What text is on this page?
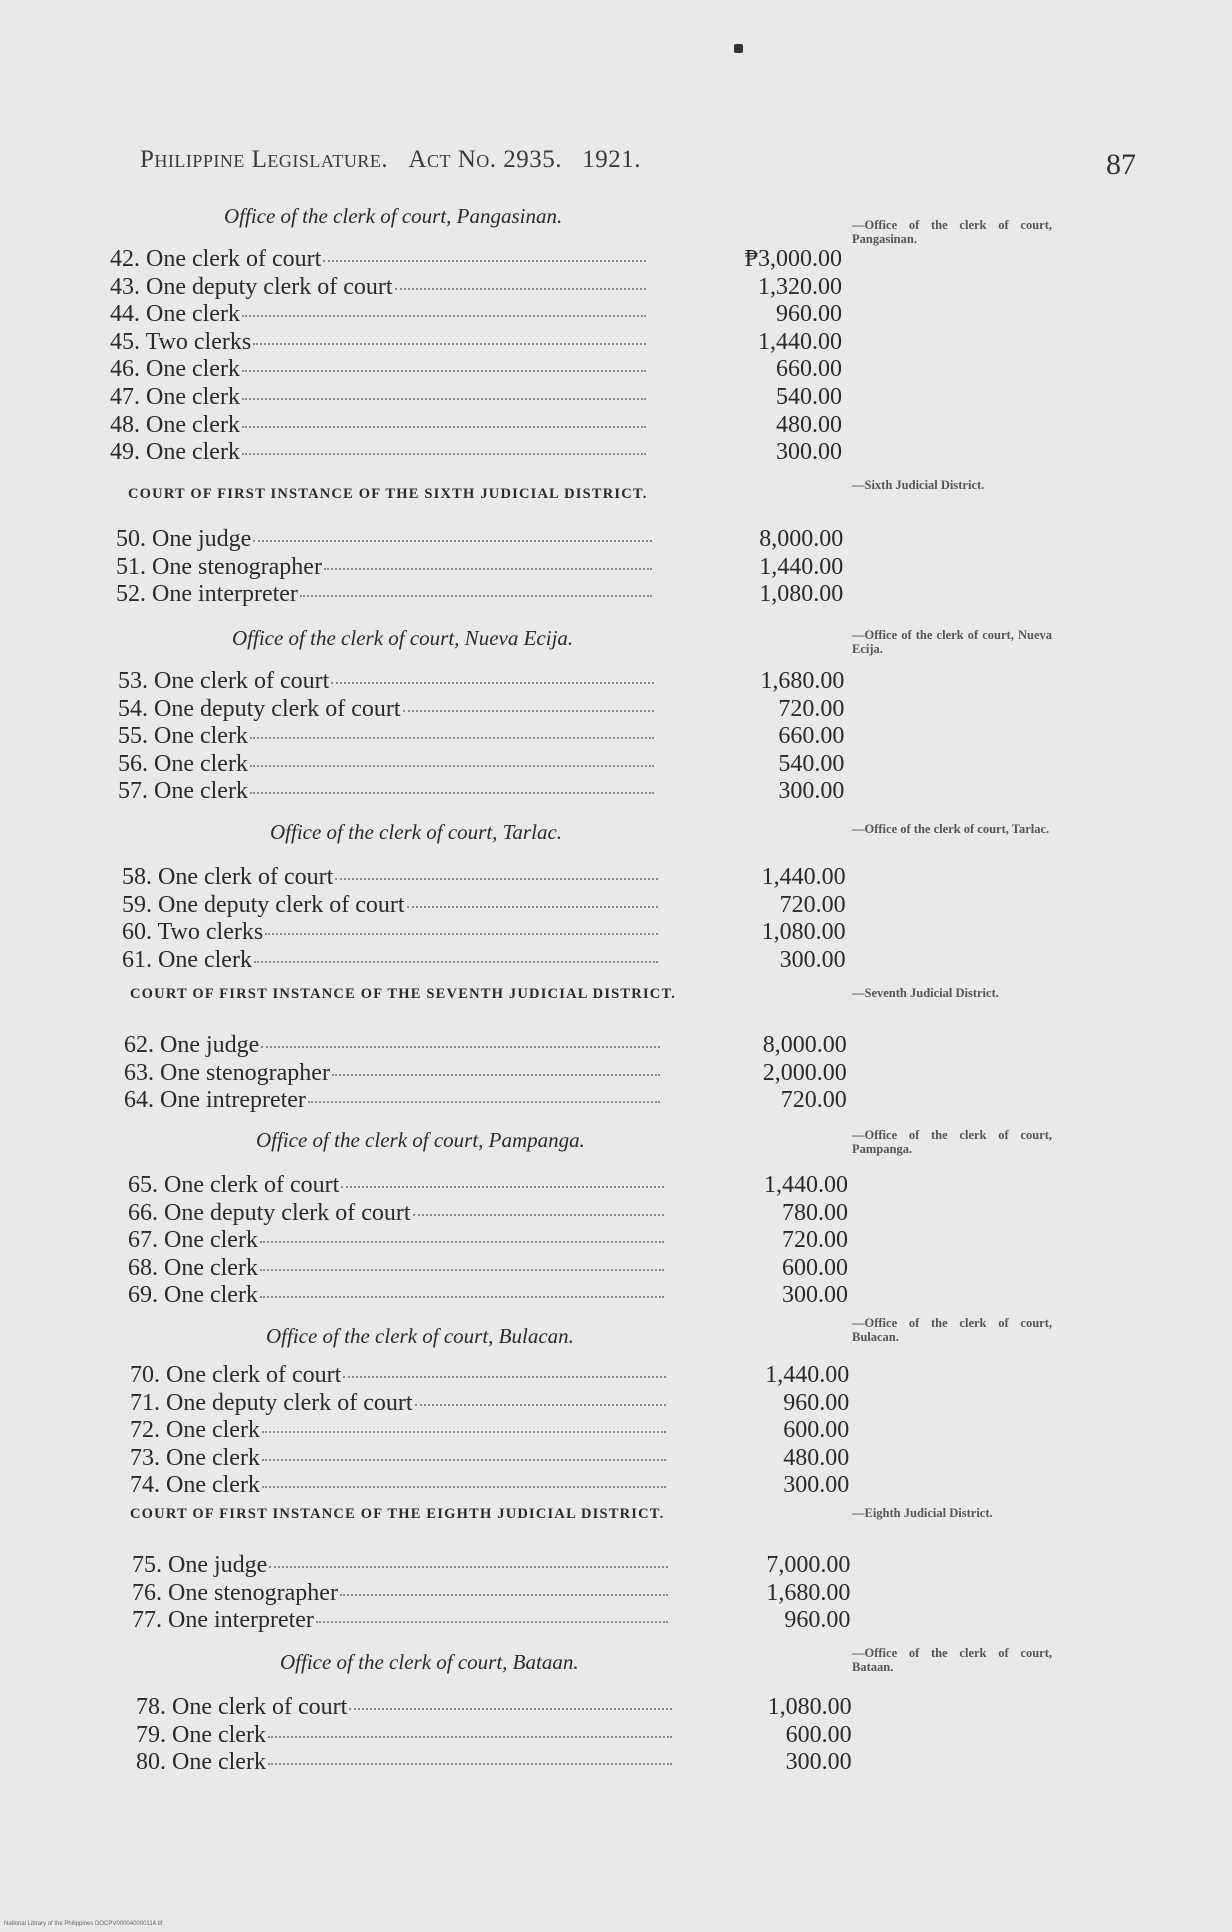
Philippine Legislature. Act No. 2935. 1921.	87
Office of the clerk of court, Pangasinan.	—Office of the clerk of court, Pangasinan.
42. One clerk of court	₱3,000.00
43. One deputy clerk of court	1,320.00
44. One clerk	960.00
45. Two clerks	1,440.00
46. One clerk	660.00
47. One clerk	540.00
48. One clerk	480.00
49. One clerk	300.00
COURT OF FIRST INSTANCE OF THE SIXTH JUDICIAL DISTRICT.
—Sixth Judicial District.
50. One judge	8,000.00
51. One stenographer	1,440.00
52. One interpreter	1,080.00
Office of the clerk of court, Nueva Ecija.	—Office of the clerk of court, Nueva Ecija.
53. One clerk of court	1,680.00
54. One deputy clerk of court	720.00
55. One clerk	660.00
56. One clerk	540.00
57. One clerk	300.00
Office of the clerk of court, Tarlac.	—Office of the clerk of court, Tarlac.
58. One clerk of court	1,440.00
59. One deputy clerk of court	720.00
60. Two clerks	1,080.00
61. One clerk	300.00
COURT OF FIRST INSTANCE OF THE SEVENTH JUDICIAL DISTRICT.	—Seventh Judicial District.
62. One judge	8,000.00
63. One stenographer	2,000.00
64. One intrepreter	720.00
Office of the clerk of court, Pampanga.	—Office of the clerk of court, Pampanga.
65. One clerk of court	1,440.00
66. One deputy clerk of court	780.00
67. One clerk	720.00
68. One clerk	600.00
69. One clerk	300.00
Office of the clerk of court, Bulacan.
—Office of the clerk of court, Bulacan.
70. One clerk of court	1,440.00
71. One deputy clerk of court	960.00
72. One clerk	600.00
73. One clerk	480.00
74. One clerk	300.00
COURT OF FIRST INSTANCE OF THE EIGHTH JUDICIAL DISTRICT.	—Eighth Judicial District.
75. One judge	7,000.00
76. One stenographer	1,680.00
77. One interpreter	960.00
Office of the clerk of court, Bataan.	—Office of the clerk of court, Bataan.
78. One clerk of court	1,080.00
79. One clerk	600.00
80. One clerk	300.00
National Library of the Philippines DOCPV000040000114.tif
